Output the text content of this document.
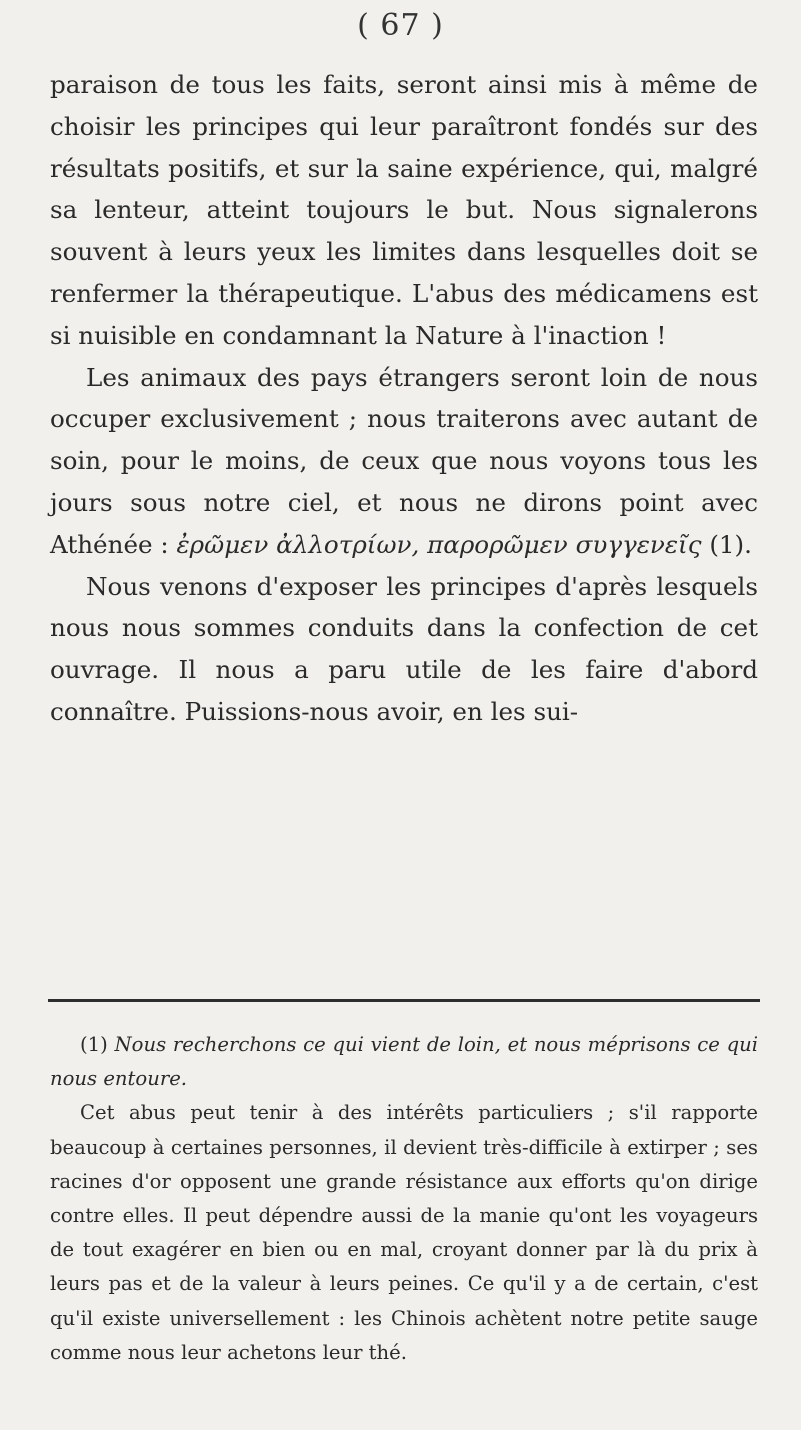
( 67 )

paraison de tous les faits, seront ainsi mis à même de choisir les principes qui leur paraîtront fondés sur des résultats positifs, et sur la saine expérience, qui, malgré sa lenteur, atteint toujours le but. Nous signalerons souvent à leurs yeux les limites dans lesquelles doit se renfermer la thérapeutique. L'abus des médicamens est si nuisible en condamnant la Nature à l'inaction !

Les animaux des pays étrangers seront loin de nous occuper exclusivement ; nous traiterons avec autant de soin, pour le moins, de ceux que nous voyons tous les jours sous notre ciel, et nous ne dirons point avec Athénée : ἐρῶμεν ἀλλοτρίων, παρορῶμεν συγγενεῖς (1).

Nous venons d'exposer les principes d'après lesquels nous nous sommes conduits dans la confection de cet ouvrage. Il nous a paru utile de les faire d'abord connaître. Puissions-nous avoir, en les sui-

(1) Nous recherchons ce qui vient de loin, et nous méprisons ce qui nous entoure.

Cet abus peut tenir à des intérêts particuliers ; s'il rapporte beaucoup à certaines personnes, il devient très-difficile à extirper ; ses racines d'or opposent une grande résistance aux efforts qu'on dirige contre elles. Il peut dépendre aussi de la manie qu'ont les voyageurs de tout exagérer en bien ou en mal, croyant donner par là du prix à leurs pas et de la valeur à leurs peines. Ce qu'il y a de certain, c'est qu'il existe universellement : les Chinois achètent notre petite sauge comme nous leur achetons leur thé.
